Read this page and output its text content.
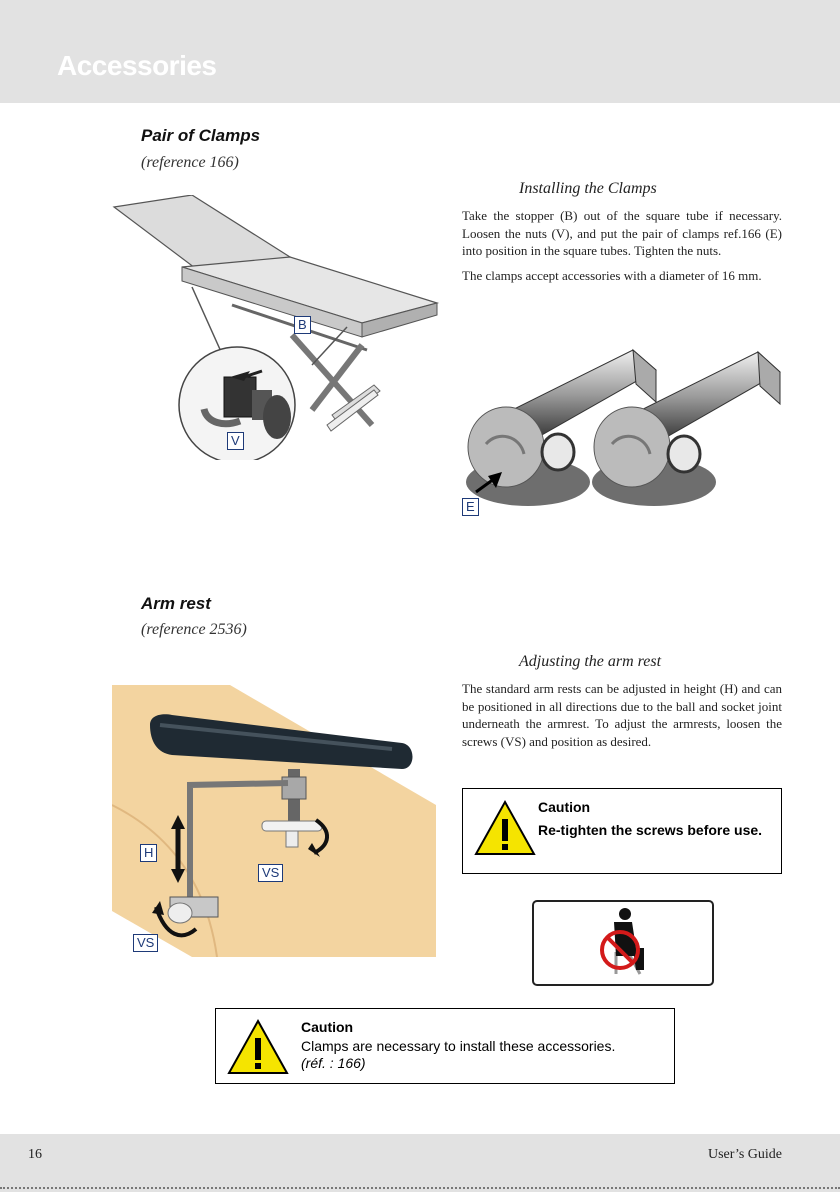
Accessories
Pair of Clamps
(reference 166)
Installing the Clamps

Take the stopper (B) out of the square tube if necessary. Loosen the nuts (V), and put the pair of clamps ref.166 (E) into position in the square tubes. Tighten the nuts.

The clamps accept accessories with a diameter of 16 mm.

B
V
E
Arm rest
(reference 2536)
Adjusting the arm rest

The standard arm rests can be adjusted in height (H) and can be positioned in all directions due to the ball and socket joint underneath the armrest. To adjust the armrests, loosen the screws (VS) and position as desired.

H
VS
VS
Caution
Re-tighten the screws before use.
Caution
Clamps are necessary to install these accessories.
(réf. : 166)
16	User’s Guide
